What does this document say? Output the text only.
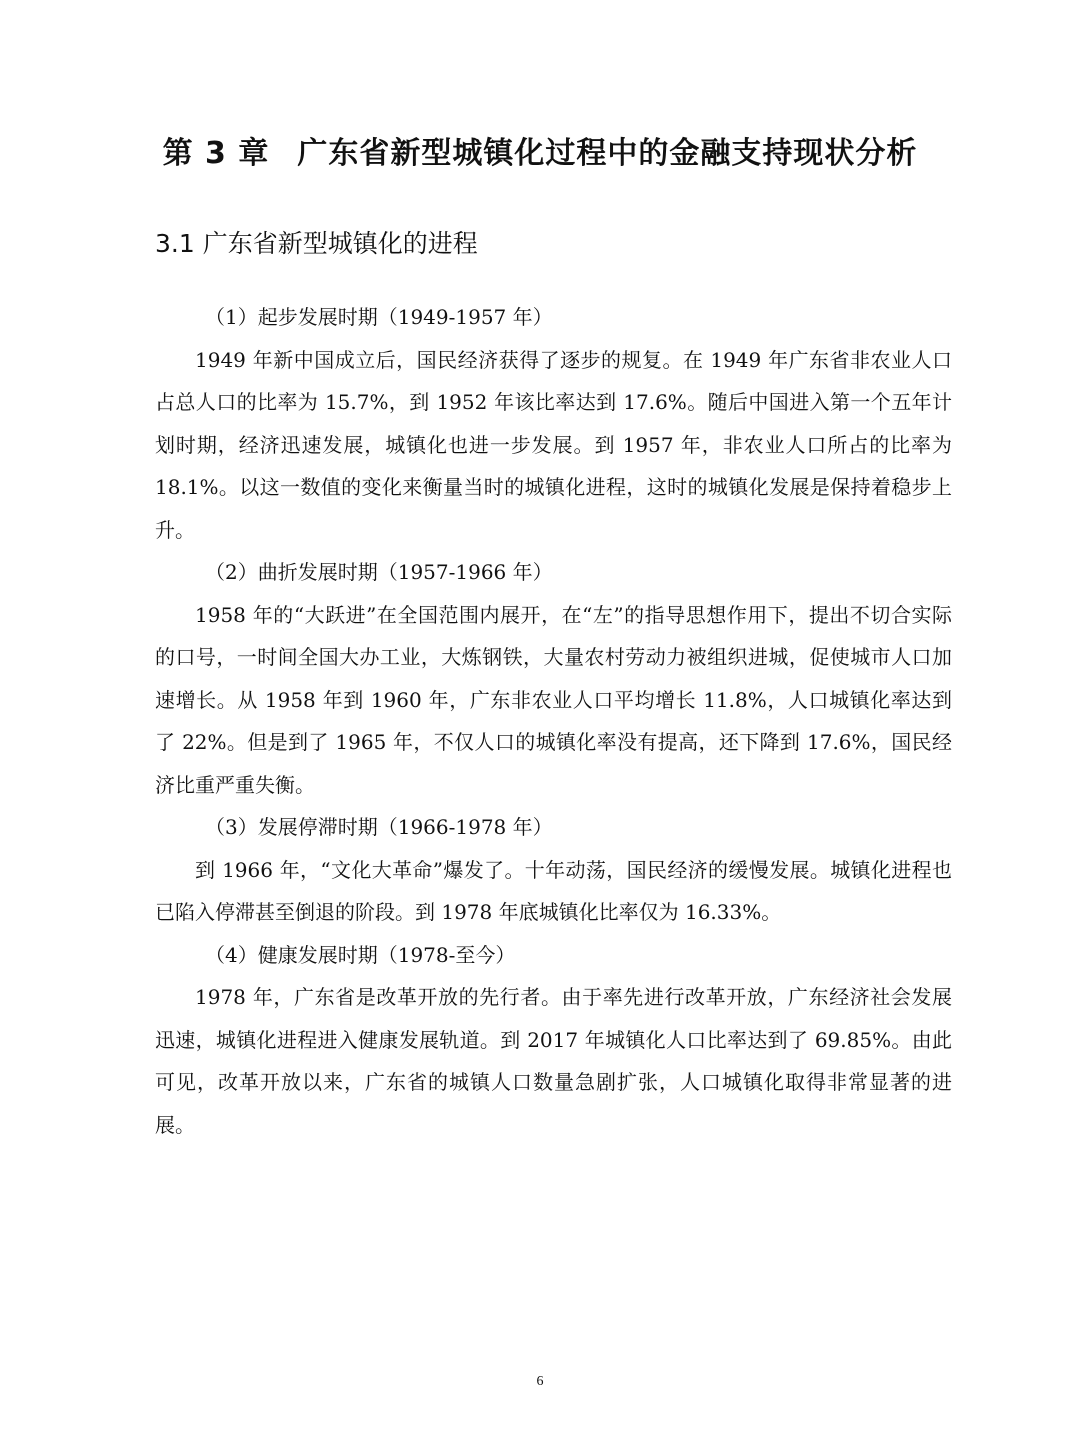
第 3 章 广东省新型城镇化过程中的金融支持现状分析
3.1 广东省新型城镇化的进程

（1）起步发展时期（1949-1957 年）

1949 年新中国成立后，国民经济获得了逐步的规复。在 1949 年广东省非农业人口占总人口的比率为 15.7%，到 1952 年该比率达到 17.6%。随后中国进入第一个五年计划时期，经济迅速发展，城镇化也进一步发展。到 1957 年，非农业人口所占的比率为 18.1%。以这一数值的变化来衡量当时的城镇化进程，这时的城镇化发展是保持着稳步上升。

（2）曲折发展时期（1957-1966 年）

1958 年的“大跃进”在全国范围内展开，在“左”的指导思想作用下，提出不切合实际的口号，一时间全国大办工业，大炼钢铁，大量农村劳动力被组织进城，促使城市人口加速增长。从 1958 年到 1960 年，广东非农业人口平均增长 11.8%，人口城镇化率达到了 22%。但是到了 1965 年，不仅人口的城镇化率没有提高，还下降到 17.6%，国民经济比重严重失衡。

（3）发展停滞时期（1966-1978 年）

到 1966 年，“文化大革命”爆发了。十年动荡，国民经济的缓慢发展。城镇化进程也已陷入停滞甚至倒退的阶段。到 1978 年底城镇化比率仅为 16.33%。

（4）健康发展时期（1978-至今）

1978 年，广东省是改革开放的先行者。由于率先进行改革开放，广东经济社会发展迅速，城镇化进程进入健康发展轨道。到 2017 年城镇化人口比率达到了 69.85%。由此可见，改革开放以来，广东省的城镇人口数量急剧扩张，人口城镇化取得非常显著的进展。

6
